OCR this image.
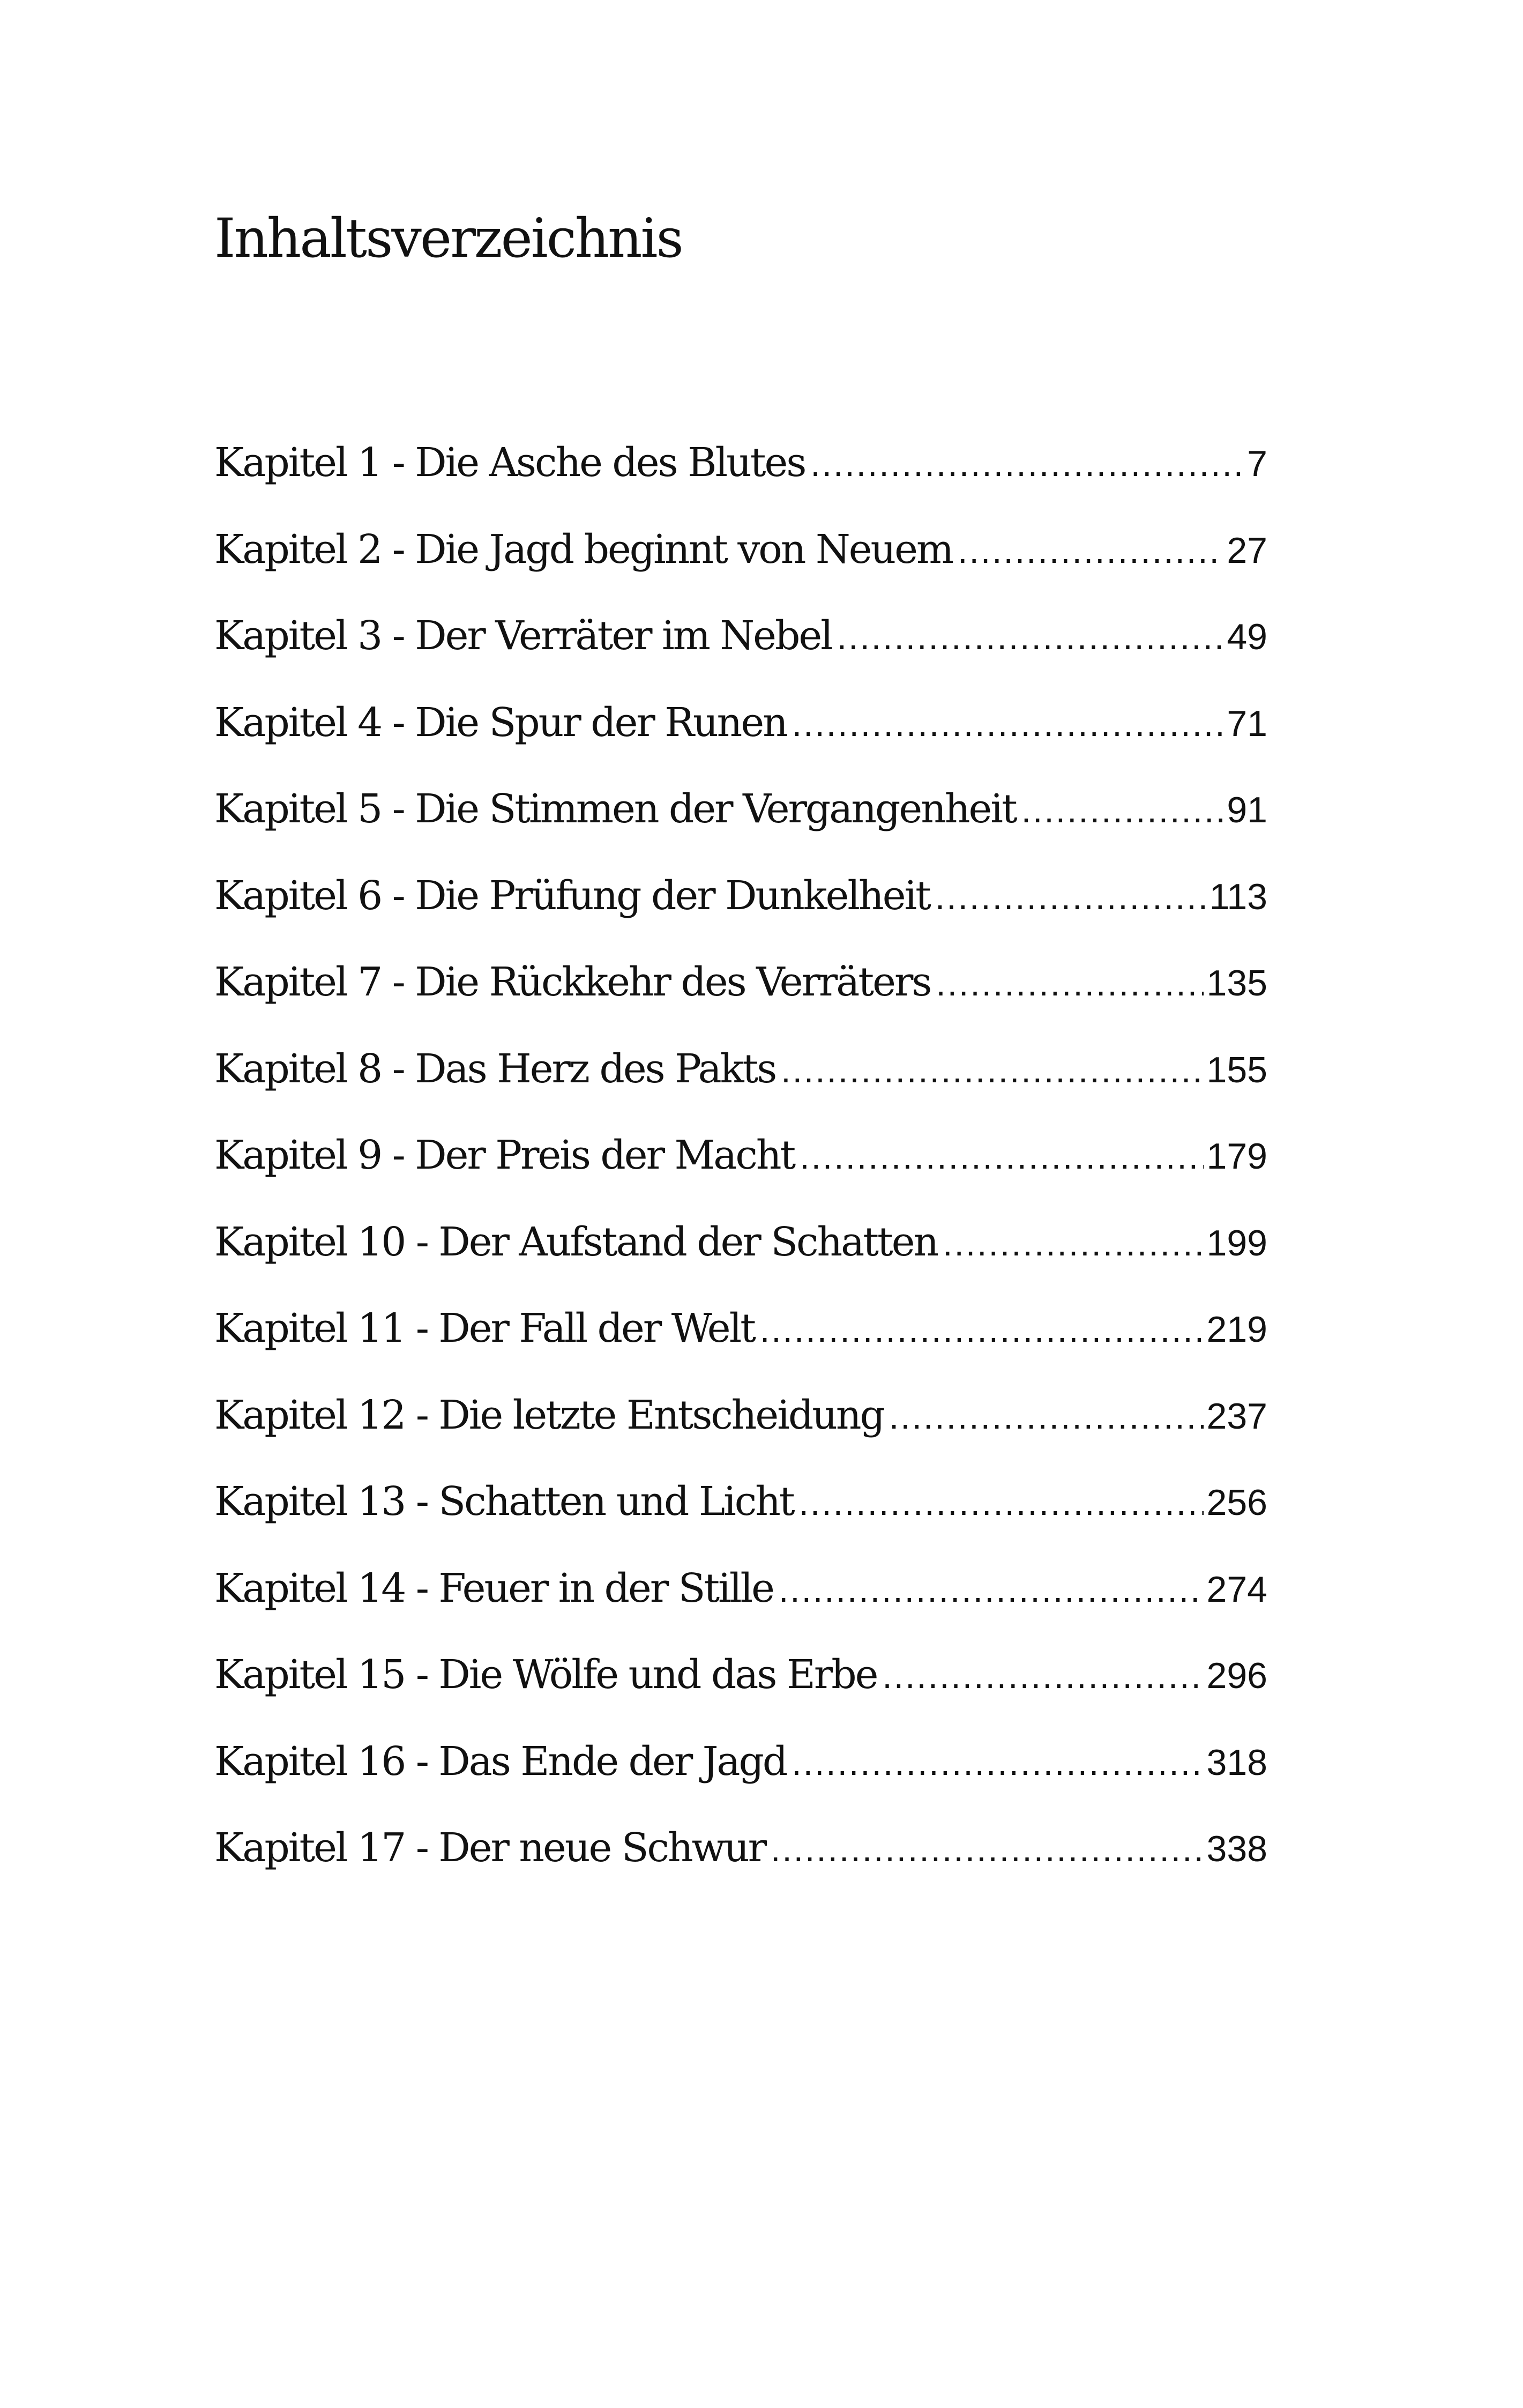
Inhaltsverzeichnis
Kapitel 1 - Die Asche des Blutes .....	7
Kapitel 2 - Die Jagd beginnt von Neuem .....	27
Kapitel 3 - Der Verräter im Nebel .....	49
Kapitel 4 - Die Spur der Runen .....	71
Kapitel 5 - Die Stimmen der Vergangenheit .....	91
Kapitel 6 - Die Prüfung der Dunkelheit .....	113
Kapitel 7 - Die Rückkehr des Verräters .....	135
Kapitel 8 - Das Herz des Pakts .....	155
Kapitel 9 - Der Preis der Macht .....	179
Kapitel 10 - Der Aufstand der Schatten .....	199
Kapitel 11 - Der Fall der Welt .....	219
Kapitel 12 - Die letzte Entscheidung .....	237
Kapitel 13 - Schatten und Licht .....	256
Kapitel 14 - Feuer in der Stille .....	274
Kapitel 15 - Die Wölfe und das Erbe .....	296
Kapitel 16 - Das Ende der Jagd .....	318
Kapitel 17 - Der neue Schwur .....	338
